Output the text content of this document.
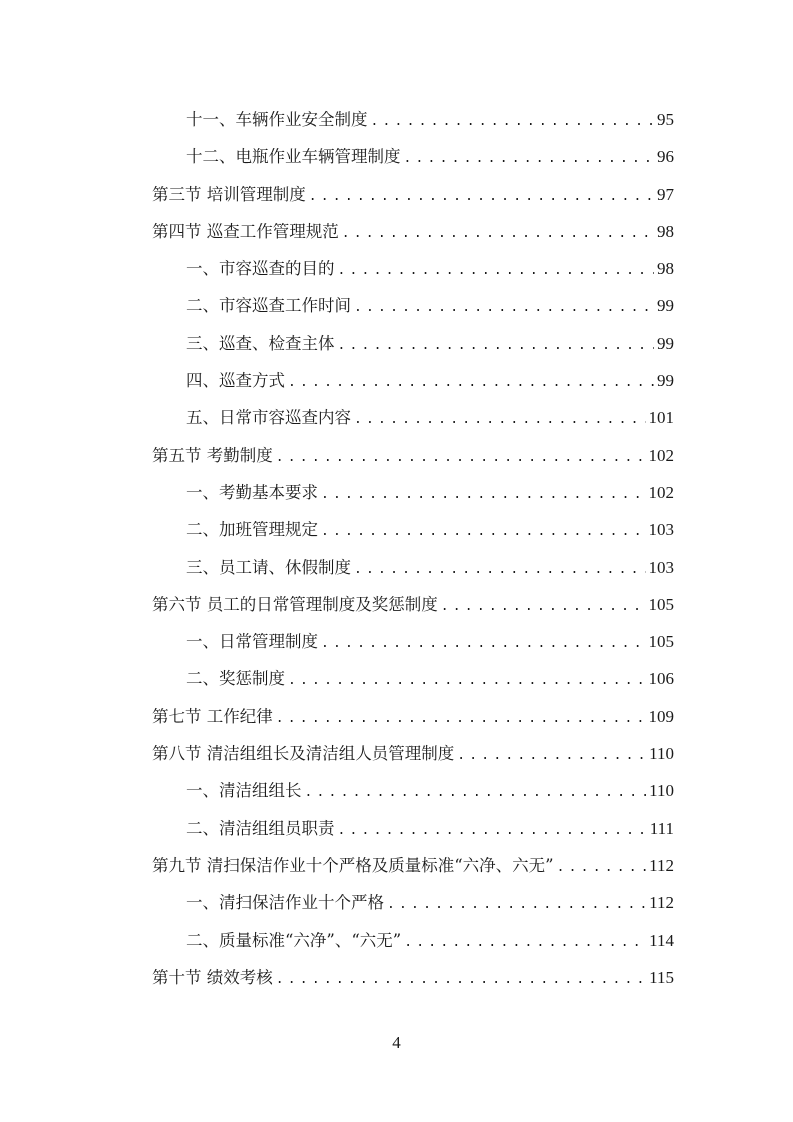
十一、车辆作业安全制度 .....	95
十二、电瓶作业车辆管理制度 .....	96
第三节 培训管理制度 .....	97
第四节 巡查工作管理规范 .....	98
一、市容巡查的目的 .....	98
二、市容巡查工作时间 .....	99
三、巡查、检查主体 .....	99
四、巡查方式 .....	99
五、日常市容巡查内容 .....	101
第五节 考勤制度 .....	102
一、考勤基本要求 .....	102
二、加班管理规定 .....	103
三、员工请、休假制度 .....	103
第六节 员工的日常管理制度及奖惩制度 .....	105
一、日常管理制度 .....	105
二、奖惩制度 .....	106
第七节 工作纪律 .....	109
第八节 清洁组组长及清洁组人员管理制度 .....	110
一、清洁组组长 .....	110
二、清洁组组员职责 .....	111
第九节 清扫保洁作业十个严格及质量标准“六净、六无” .....	112
一、清扫保洁作业十个严格 .....	112
二、质量标准“六净”、“六无” .....	114
第十节 绩效考核 .....	115
4
